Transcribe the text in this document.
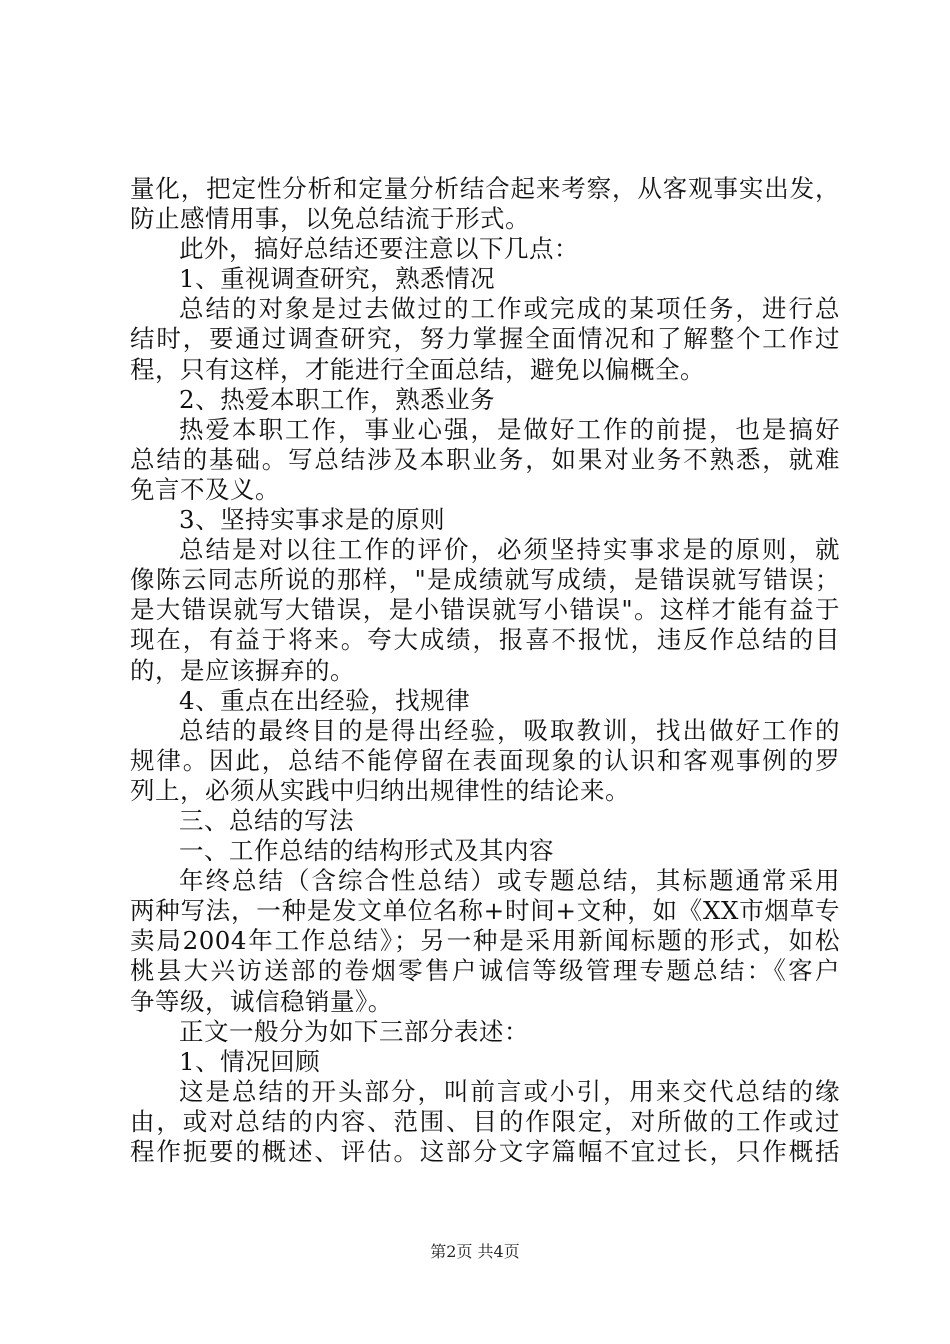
量化，把定性分析和定量分析结合起来考察，从客观事实出发，
防止感情用事，以免总结流于形式。
此外，搞好总结还要注意以下几点：
1、重视调查研究，熟悉情况
总结的对象是过去做过的工作或完成的某项任务，进行总
结时，要通过调查研究，努力掌握全面情况和了解整个工作过
程，只有这样，才能进行全面总结，避免以偏概全。
2、热爱本职工作，熟悉业务
热爱本职工作，事业心强，是做好工作的前提，也是搞好
总结的基础。写总结涉及本职业务，如果对业务不熟悉，就难
免言不及义。
3、坚持实事求是的原则
总结是对以往工作的评价，必须坚持实事求是的原则，就
像陈云同志所说的那样，"是成绩就写成绩，是错误就写错误；
是大错误就写大错误，是小错误就写小错误"。这样才能有益于
现在，有益于将来。夸大成绩，报喜不报忧，违反作总结的目
的，是应该摒弃的。
4、重点在出经验，找规律
总结的最终目的是得出经验，吸取教训，找出做好工作的
规律。因此，总结不能停留在表面现象的认识和客观事例的罗
列上，必须从实践中归纳出规律性的结论来。
三、总结的写法
一、工作总结的结构形式及其内容
年终总结（含综合性总结）或专题总结，其标题通常采用
两种写法，一种是发文单位名称+时间+文种，如《XX市烟草专
卖局2004年工作总结》；另一种是采用新闻标题的形式，如松
桃县大兴访送部的卷烟零售户诚信等级管理专题总结：《客户
争等级，诚信稳销量》。
正文一般分为如下三部分表述：
1、情况回顾
这是总结的开头部分，叫前言或小引，用来交代总结的缘
由，或对总结的内容、范围、目的作限定，对所做的工作或过
程作扼要的概述、评估。这部分文字篇幅不宜过长，只作概括
第2页 共4页
